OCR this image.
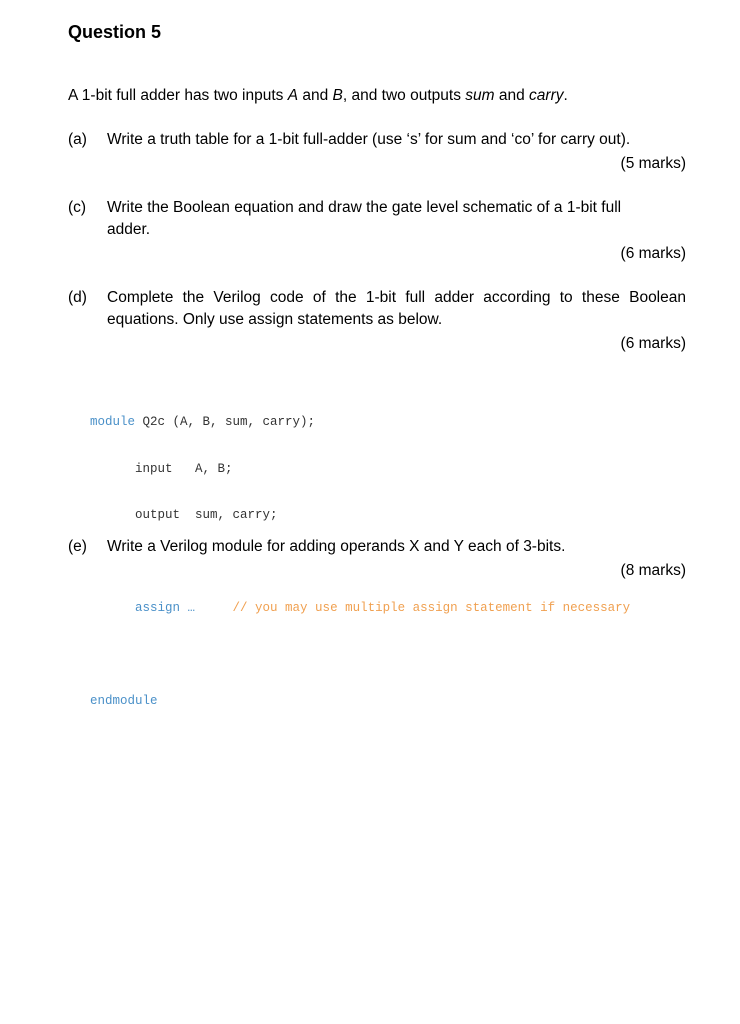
Question 5
A 1-bit full adder has two inputs A and B, and two outputs sum and carry.
(a) Write a truth table for a 1-bit full-adder (use ‘s’ for sum and ‘co’ for carry out).
(5 marks)
(c) Write the Boolean equation and draw the gate level schematic of a 1-bit full adder.
(6 marks)
(d) Complete the Verilog code of the 1-bit full adder according to these Boolean equations. Only use assign statements as below.
(6 marks)

module Q2c (A, B, sum, carry);

input   A, B;

output  sum, carry;

assign …	// you may use multiple assign statement if necessary

endmodule

(e) Write a Verilog module for adding operands X and Y each of 3-bits.
(8 marks)
